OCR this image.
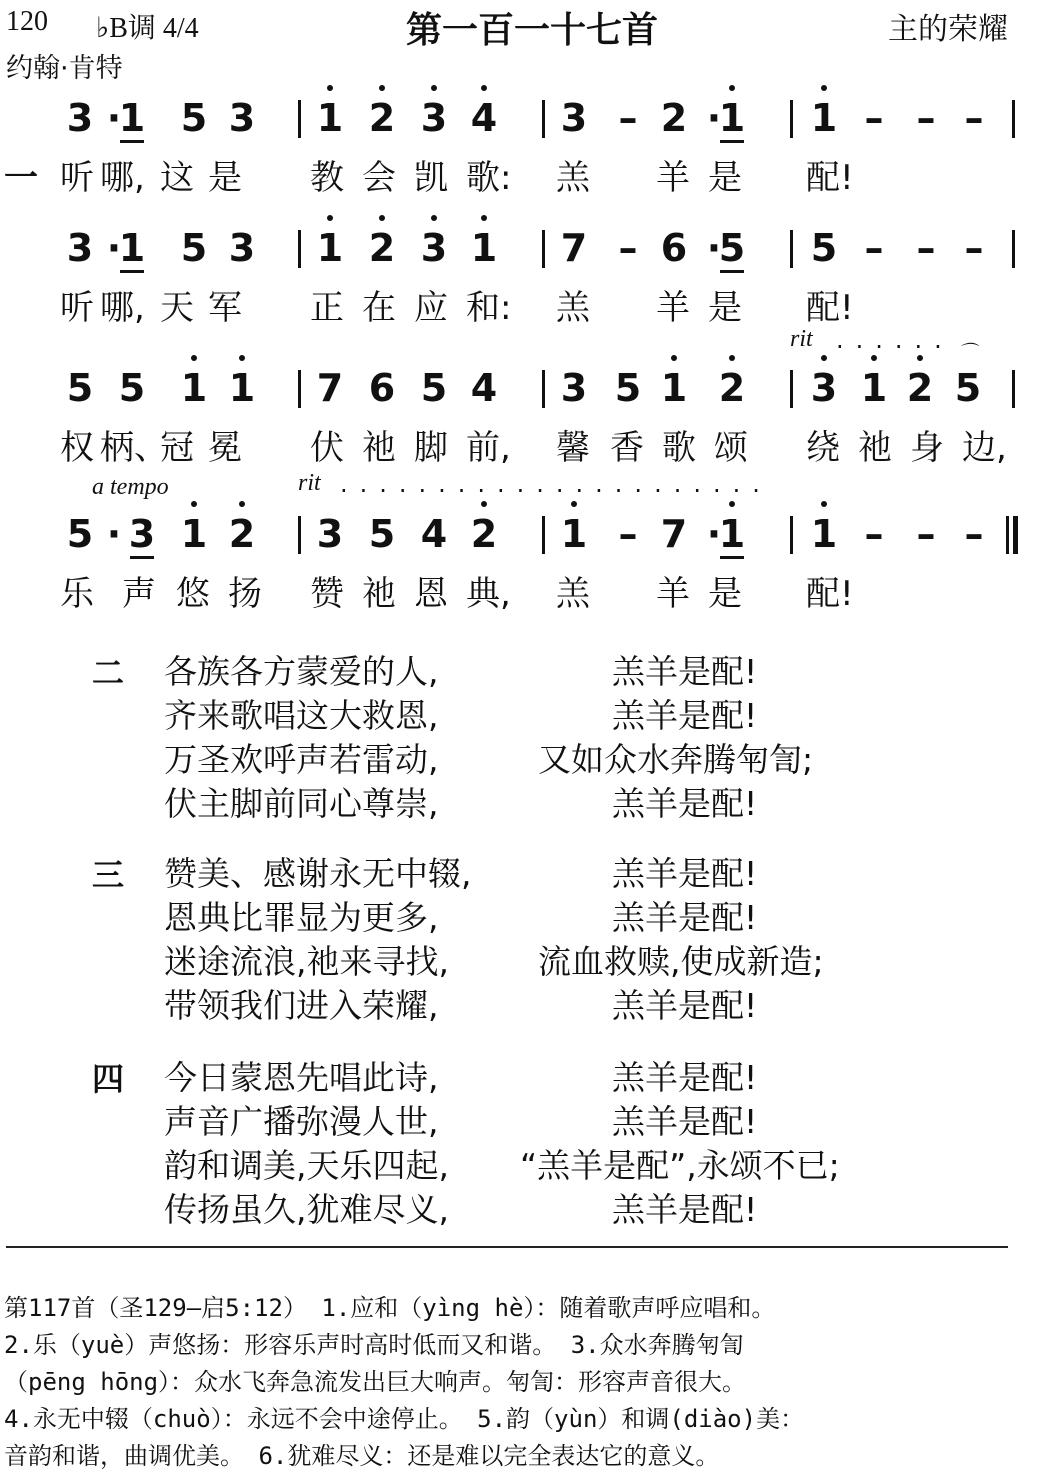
120 ♭B调 4/4	第一百一十七首	主的荣耀
约翰·肯特
3 ·
1 5 3 1 2 3 4 3 – 2 ·
1 1 – – –
一 听 哪, 这 是 教 会 凯 歌: 羔 羊 是 配!
3 ·
1 5 3 1 2 3 1 7 – 6 ·
5 5 – – –
听 哪, 天 军 正 在 应 和: 羔 羊 是 配!
5 5 1 1 7 6 5 4 3 5 1 2 3 1 2 5
⌒
权 柄、
冠 冕 伏 祂 脚 前, 馨 香 歌 颂 绕 祂 身 边,
5 · 3 1 2 3 5 4 2 1 – 7 ·
1 1 – – –
乐 声 悠 扬 赞 祂 恩 典, 羔 羊 是 配!
rit ......
a tempo	rit ......................
二 各族各方蒙爱的人,	羔羊是配!
齐来歌唱这大救恩,	羔羊是配!
万圣欢呼声若雷动,	又如众水奔腾匉訇;
伏主脚前同心尊崇,	羔羊是配!
三 赞美、感谢永无中辍,	羔羊是配!
恩典比罪显为更多,	羔羊是配!
迷途流浪,祂来寻找,	流血救赎,使成新造;
带领我们进入荣耀,	羔羊是配!
四 今日蒙恩先唱此诗,	羔羊是配!
声音广播弥漫人世,	羔羊是配!
韵和调美,天乐四起, “羔羊是配”,永颂不已;
传扬虽久,犹难尽义,	羔羊是配!
第117首（圣129—启5:12） 1.应和（yìng hè）：随着歌声呼应唱和。
2.乐（yuè）声悠扬：形容乐声时高时低而又和谐。 3.众水奔腾匉訇
（pēng hōng）：众水飞奔急流发出巨大响声。匉訇：形容声音很大。
4.永无中辍（chuò）：永远不会中途停止。 5.韵（yùn）和调(diào)美：
音韵和谐，曲调优美。 6.犹难尽义：还是难以完全表达它的意义。
